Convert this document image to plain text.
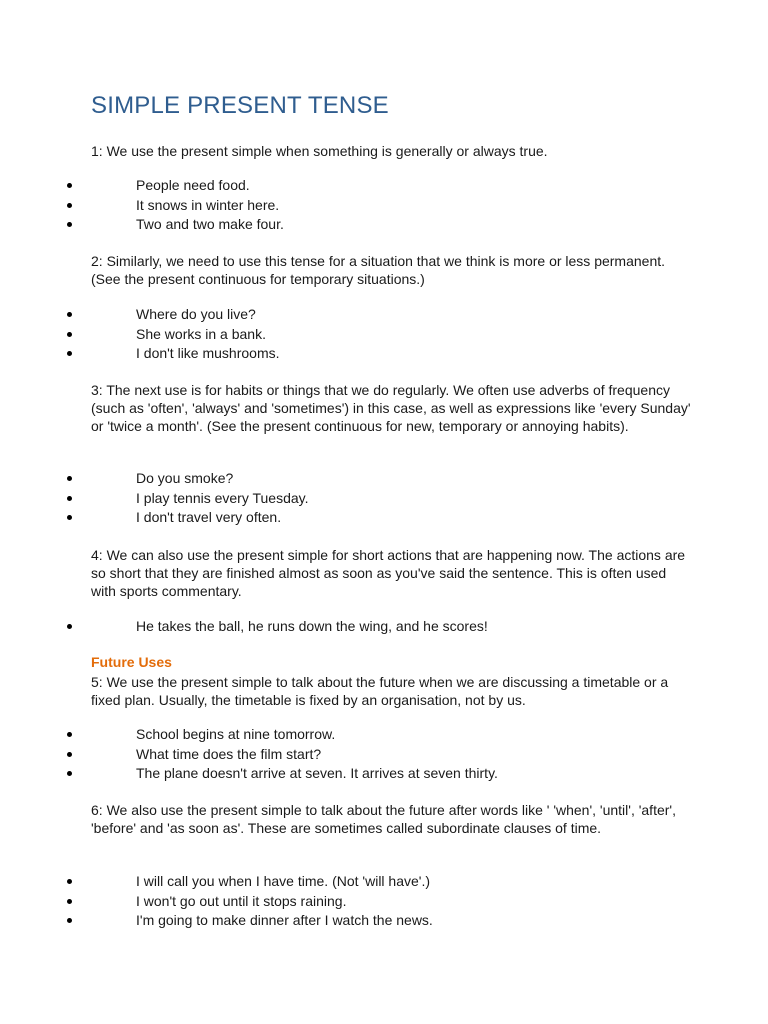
SIMPLE PRESENT TENSE

1: We use the present simple when something is generally or always true.

People need food.
It snows in winter here.
Two and two make four.

2: Similarly, we need to use this tense for a situation that we think is more or less permanent. (See the present continuous for temporary situations.)

Where do you live?
She works in a bank.
I don't like mushrooms.

3: The next use is for habits or things that we do regularly. We often use adverbs of frequency (such as 'often', 'always' and 'sometimes') in this case, as well as expressions like 'every Sunday' or 'twice a month'. (See the present continuous for new, temporary or annoying habits).

Do you smoke?
I play tennis every Tuesday.
I don't travel very often.

4: We can also use the present simple for short actions that are happening now. The actions are so short that they are finished almost as soon as you've said the sentence. This is often used with sports commentary.

He takes the ball, he runs down the wing, and he scores!
Future Uses

5: We use the present simple to talk about the future when we are discussing a timetable or a fixed plan. Usually, the timetable is fixed by an organisation, not by us.

School begins at nine tomorrow.
What time does the film start?
The plane doesn't arrive at seven. It arrives at seven thirty.

6: We also use the present simple to talk about the future after words like ' 'when', 'until', 'after', 'before' and 'as soon as'. These are sometimes called subordinate clauses of time.

I will call you when I have time. (Not 'will have'.)
I won't go out until it stops raining.
I'm going to make dinner after I watch the news.
